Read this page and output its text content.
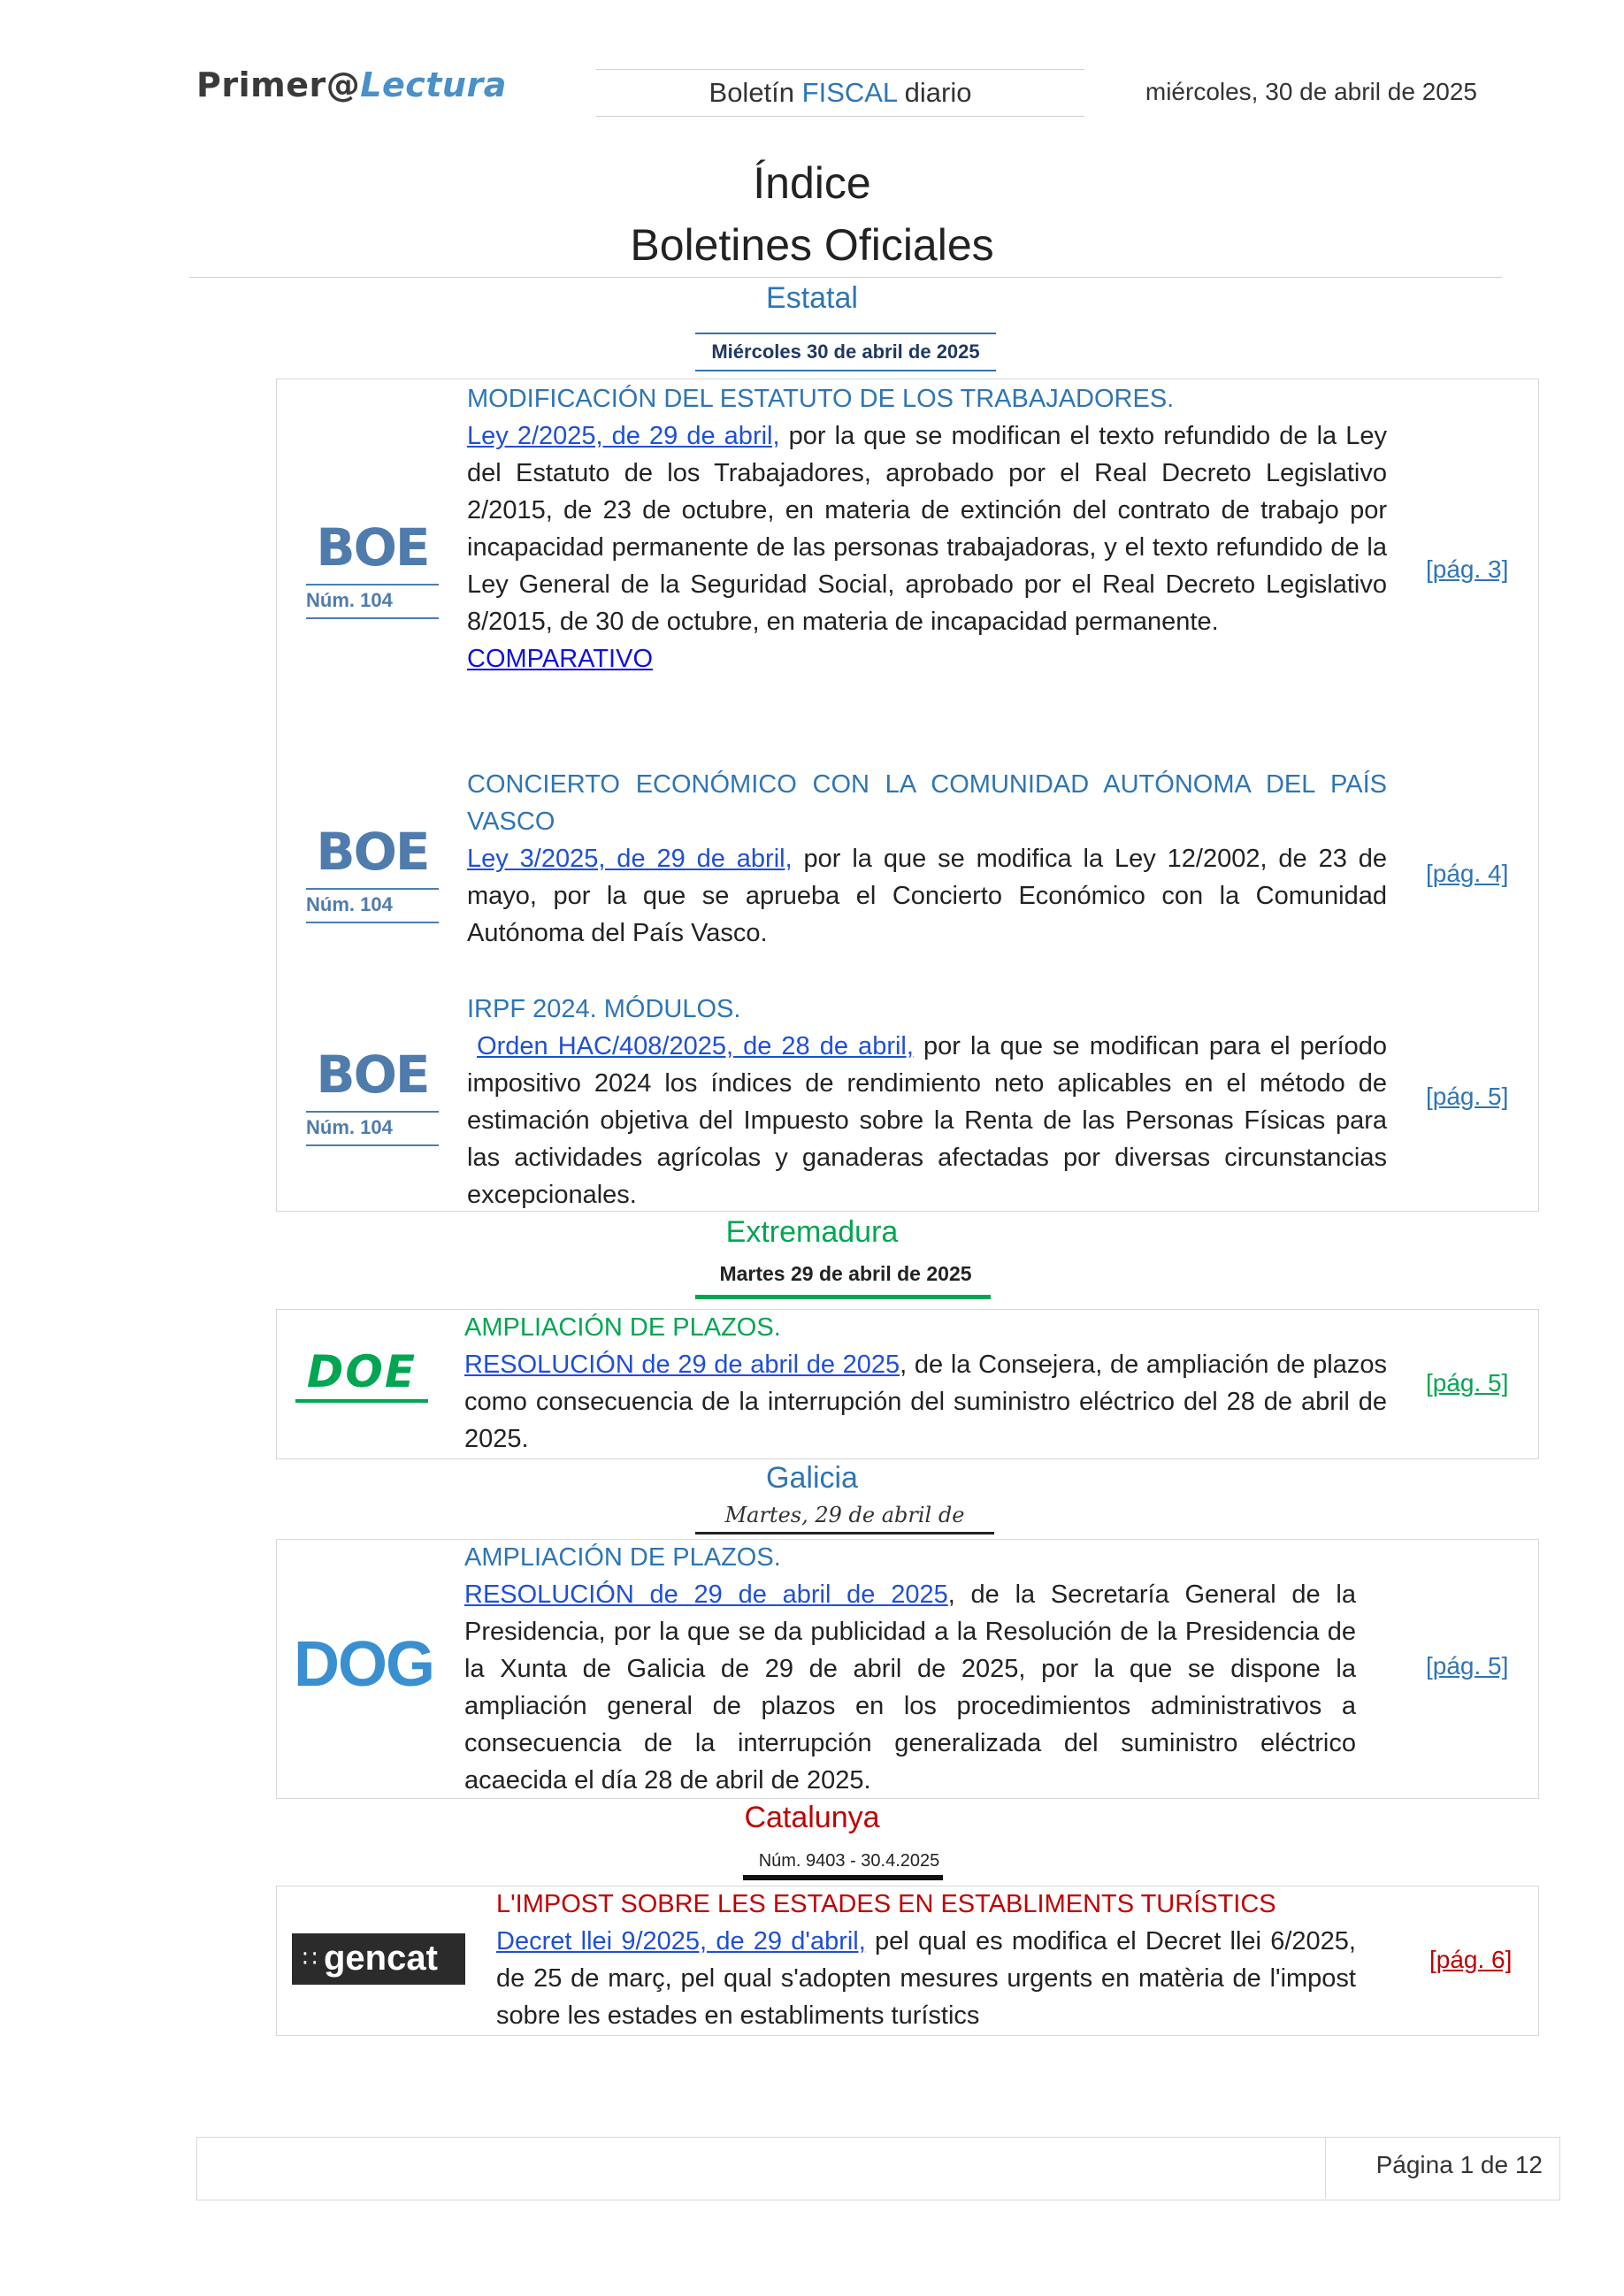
Primer@Lectura	Boletín FISCAL diario	miércoles, 30 de abril de 2025
Índice
Boletines Oficiales
Estatal
Miércoles 30 de abril de 2025
BOE
Núm. 104
MODIFICACIÓN DEL ESTATUTO DE LOS TRABAJADORES.
Ley 2/2025, de 29 de abril, por la que se modifican el texto refundido de la Ley del Estatuto de los Trabajadores, aprobado por el Real Decreto Legislativo 2/2015, de 23 de octubre, en materia de extinción del contrato de trabajo por incapacidad permanente de las personas trabajadoras, y el texto refundido de la Ley General de la Seguridad Social, aprobado por el Real Decreto Legislativo 8/2015, de 30 de octubre, en materia de incapacidad permanente.
COMPARATIVO
[pág. 3]
BOE
Núm. 104
CONCIERTO ECONÓMICO CON LA COMUNIDAD AUTÓNOMA DEL PAÍS VASCO
Ley 3/2025, de 29 de abril, por la que se modifica la Ley 12/2002, de 23 de mayo, por la que se aprueba el Concierto Económico con la Comunidad Autónoma del País Vasco.
[pág. 4]
BOE
Núm. 104
IRPF 2024. MÓDULOS.
Orden HAC/408/2025, de 28 de abril, por la que se modifican para el período impositivo 2024 los índices de rendimiento neto aplicables en el método de estimación objetiva del Impuesto sobre la Renta de las Personas Físicas para las actividades agrícolas y ganaderas afectadas por diversas circunstancias excepcionales.
[pág. 5]
Extremadura
Martes 29 de abril de 2025
DOE
AMPLIACIÓN DE PLAZOS.
RESOLUCIÓN de 29 de abril de 2025, de la Consejera, de ampliación de plazos como consecuencia de la interrupción del suministro eléctrico del 28 de abril de 2025.
[pág. 5]
Galicia
Martes, 29 de abril de
DOG
AMPLIACIÓN DE PLAZOS.
RESOLUCIÓN de 29 de abril de 2025, de la Secretaría General de la Presidencia, por la que se da publicidad a la Resolución de la Presidencia de la Xunta de Galicia de 29 de abril de 2025, por la que se dispone la ampliación general de plazos en los procedimientos administrativos a consecuencia de la interrupción generalizada del suministro eléctrico acaecida el día 28 de abril de 2025.
[pág. 5]
Catalunya
Núm. 9403 - 30.4.2025
∷ gencat
L'IMPOST SOBRE LES ESTADES EN ESTABLIMENTS TURÍSTICS
Decret llei 9/2025, de 29 d'abril, pel qual es modifica el Decret llei 6/2025, de 25 de març, pel qual s'adopten mesures urgents en matèria de l'impost sobre les estades en establiments turístics
[pág. 6]
Página 1 de 12
